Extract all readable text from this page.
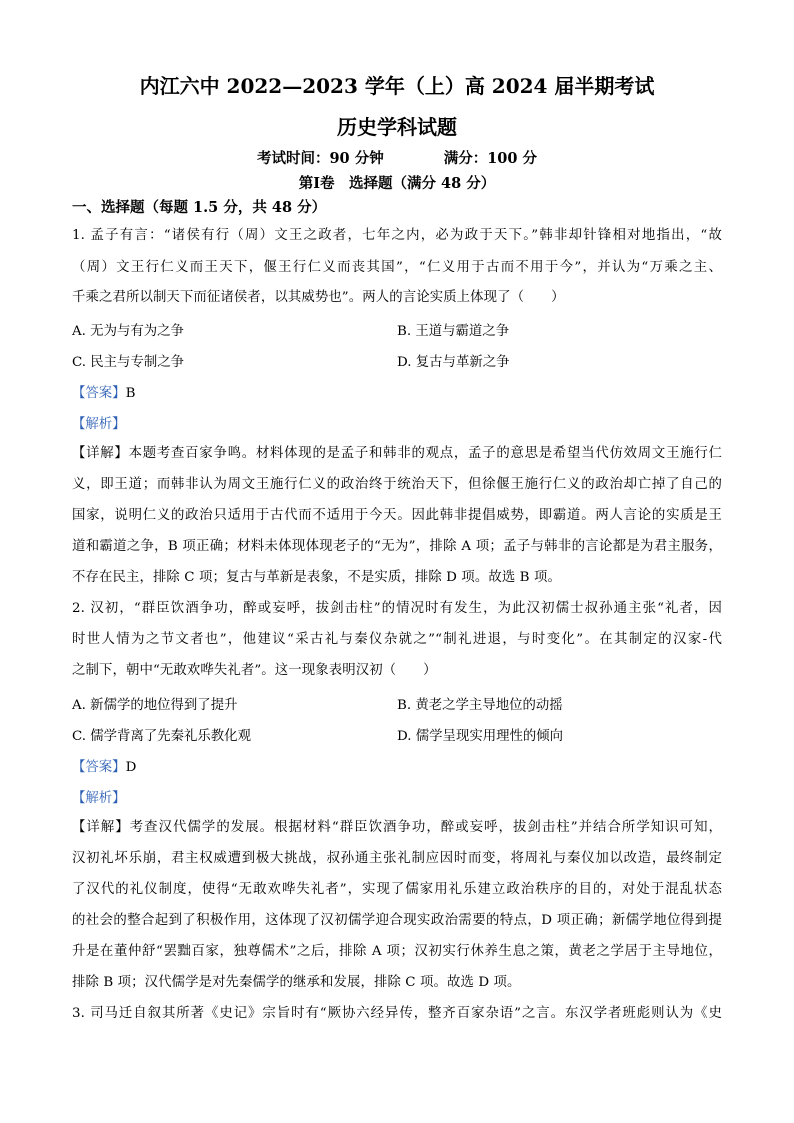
内江六中 2022—2023 学年（上）高 2024 届半期考试
历史学科试题
考试时间：90 分钟	满分：100 分
第Ⅰ卷　选择题（满分 48 分）
一、选择题（每题 1.5 分，共 48 分）
1. 孟子有言：“诸侯有行（周）文王之政者，七年之内，必为政于天下。”韩非却针锋相对地指出，“故
（周）文王行仁义而王天下，偃王行仁义而丧其国”，“仁义用于古而不用于今”，并认为“万乘之主、
千乘之君所以制天下而征诸侯者，以其威势也”。两人的言论实质上体现了（　　）
A. 无为与有为之争	B. 王道与霸道之争
C. 民主与专制之争	D. 复古与革新之争
【答案】B
【解析】
【详解】本题考查百家争鸣。材料体现的是孟子和韩非的观点，孟子的意思是希望当代仿效周文王施行仁
义，即王道；而韩非认为周文王施行仁义的政治终于统治天下，但徐偃王施行仁义的政治却亡掉了自己的
国家，说明仁义的政治只适用于古代而不适用于今天。因此韩非提倡威势，即霸道。两人言论的实质是王
道和霸道之争，B 项正确；材料未体现体现老子的“无为”，排除 A 项；孟子与韩非的言论都是为君主服务，
不存在民主，排除 C 项；复古与革新是表象，不是实质，排除 D 项。故选 B 项。
2. 汉初，“群臣饮酒争功，醉或妄呼，拔剑击柱”的情况时有发生，为此汉初儒士叔孙通主张“礼者，因
时世人情为之节文者也”，他建议“采古礼与秦仪杂就之”“制礼进退，与时变化”。在其制定的汉家-代
之制下，朝中“无敢欢哗失礼者”。这一现象表明汉初（　　）
A. 新儒学的地位得到了提升	B. 黄老之学主导地位的动摇
C. 儒学背离了先秦礼乐教化观	D. 儒学呈现实用理性的倾向
【答案】D
【解析】
【详解】考查汉代儒学的发展。根据材料“群臣饮酒争功，醉或妄呼，拔剑击柱”并结合所学知识可知，
汉初礼坏乐崩，君主权威遭到极大挑战，叔孙通主张礼制应因时而变，将周礼与秦仪加以改造，最终制定
了汉代的礼仪制度，使得“无敢欢哗失礼者”，实现了儒家用礼乐建立政治秩序的目的，对处于混乱状态
的社会的整合起到了积极作用，这体现了汉初儒学迎合现实政治需要的特点，D 项正确；新儒学地位得到提
升是在董仲舒“罢黜百家，独尊儒术”之后，排除 A 项；汉初实行休养生息之策，黄老之学居于主导地位，
排除 B 项；汉代儒学是对先秦儒学的继承和发展，排除 C 项。故选 D 项。
3. 司马迁自叙其所著《史记》宗旨时有“厥协六经异传，整齐百家杂语”之言。东汉学者班彪则认为《史
